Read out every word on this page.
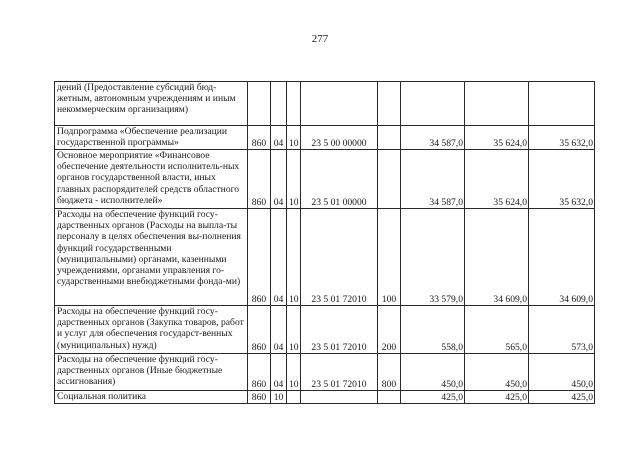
277
дений (Предоставление субсидий бюд-жетным, автономным учреждениям и иным некоммерческим организациям)								
Подпрограмма «Обеспечение реализации государственной программы»	860	04	10	23 5 00 00000		34 587,0	35 624,0	35 632,0
Основное мероприятие «Финансовое обеспечение деятельности исполнитель-ных органов государственной власти, иных главных распорядителей средств областного бюджета - исполнителей»	860	04	10	23 5 01 00000		34 587,0	35 624,0	35 632,0
Расходы на обеспечение функций госу-дарственных органов (Расходы на выпла-ты персоналу в целях обеспечения вы-полнения функций государственными (муниципальными) органами, казенными учреждениями, органами управления го-сударственными внебюджетными фонда-ми)	860	04	10	23 5 01 72010	100	33 579,0	34 609,0	34 609,0
Расходы на обеспечение функций госу-дарственных органов (Закупка товаров, работ и услуг для обеспечения государст-венных (муниципальных) нужд)	860	04	10	23 5 01 72010	200	558,0	565,0	573,0
Расходы на обеспечение функций госу-дарственных органов (Иные бюджетные ассигнования)	860	04	10	23 5 01 72010	800	450,0	450,0	450,0
Социальная политика	860	10				425,0	425,0	425,0
